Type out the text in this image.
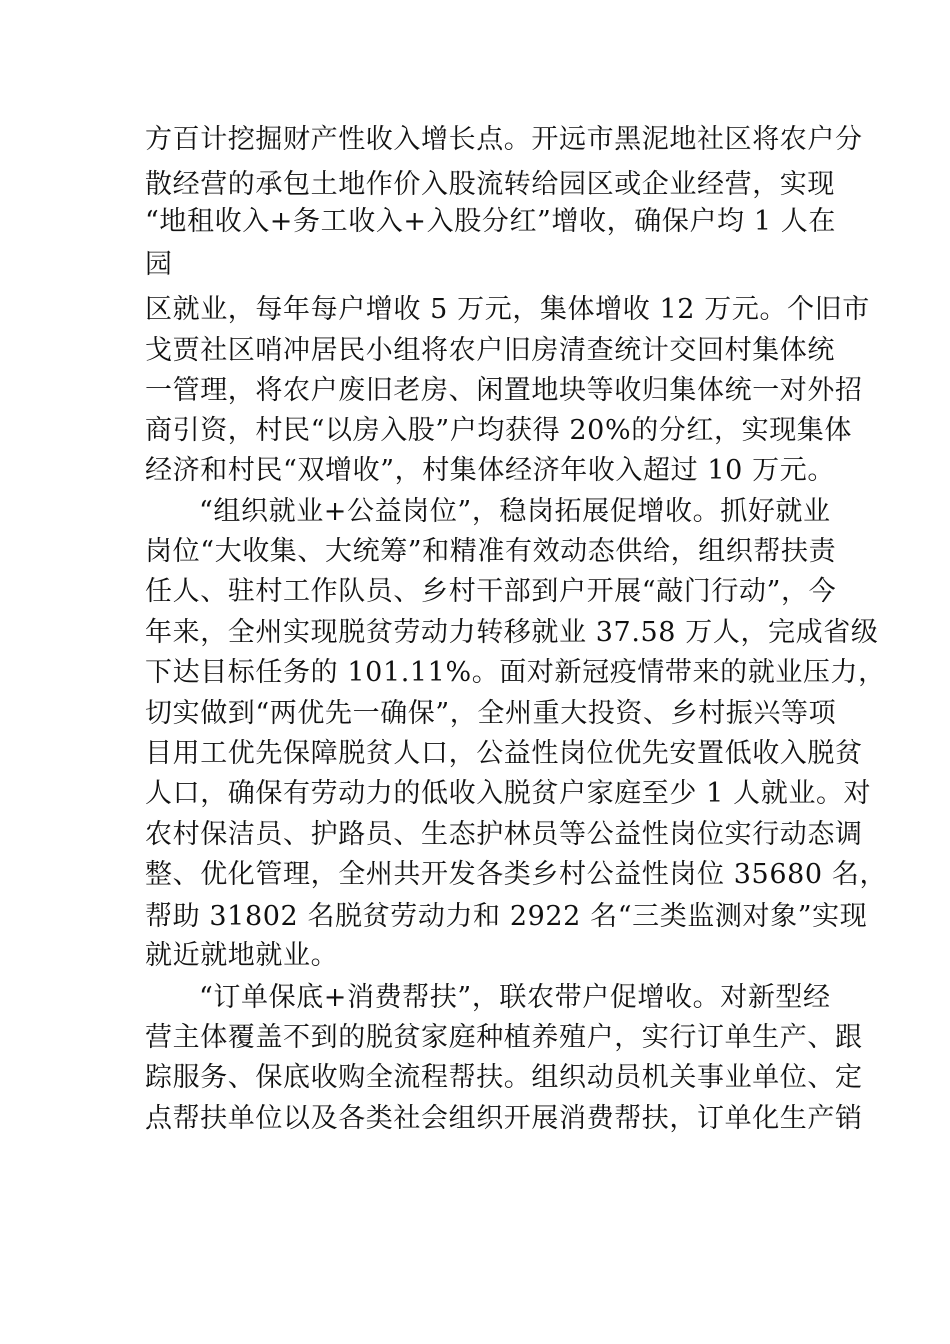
方百计挖掘财产性收入增长点。开远市黑泥地社区将农户分
散经营的承包土地作价入股流转给园区或企业经营，实现
“地租收入+务工收入+入股分红”增收，确保户均 1 人在
园
区就业，每年每户增收 5 万元，集体增收 12 万元。个旧市
戈贾社区哨冲居民小组将农户旧房清查统计交回村集体统
一管理，将农户废旧老房、闲置地块等收归集体统一对外招
商引资，村民“以房入股”户均获得 20%的分红，实现集体
经济和村民“双增收”，村集体经济年收入超过 10 万元。
“组织就业+公益岗位”，稳岗拓展促增收。抓好就业
岗位“大收集、大统筹”和精准有效动态供给，组织帮扶责
任人、驻村工作队员、乡村干部到户开展“敲门行动”，今
年来，全州实现脱贫劳动力转移就业 37.58 万人，完成省级
下达目标任务的 101.11%。面对新冠疫情带来的就业压力，
切实做到“两优先一确保”，全州重大投资、乡村振兴等项
目用工优先保障脱贫人口，公益性岗位优先安置低收入脱贫
人口，确保有劳动力的低收入脱贫户家庭至少 1 人就业。对
农村保洁员、护路员、生态护林员等公益性岗位实行动态调
整、优化管理，全州共开发各类乡村公益性岗位 35680 名，
帮助 31802 名脱贫劳动力和 2922 名“三类监测对象”实现
就近就地就业。
“订单保底+消费帮扶”，联农带户促增收。对新型经
营主体覆盖不到的脱贫家庭种植养殖户，实行订单生产、跟
踪服务、保底收购全流程帮扶。组织动员机关事业单位、定
点帮扶单位以及各类社会组织开展消费帮扶，订单化生产销
